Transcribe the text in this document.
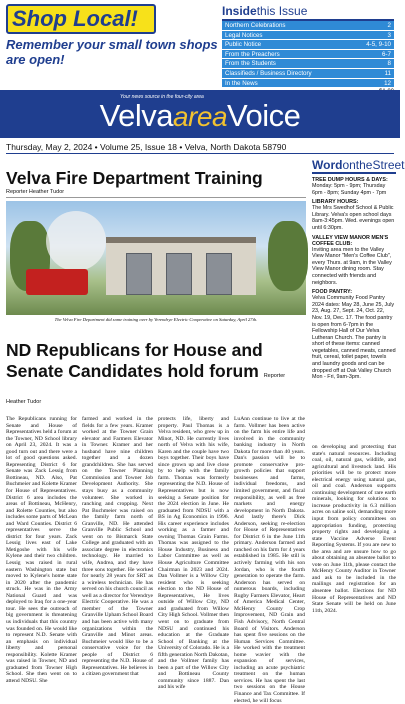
Shop Local!
Remember your small town shops are open!
Insidethis Issue
Northern Celebrations	2
Legal Notices	3
Public Notice	4-5, 9-10
From the Preachers	6-7
From the Students	8
Classifieds / Business Directory	11
In the News	12
Your news source in the four-city area
VelvaareaVoice
Thursday, May 2, 2024 • Volume 25, Issue 18 • Velva, North Dakota 58790
Velva Fire Department Training
Reporter Heather Tudor
The Velva Fire Department did some training over by Verendrye Electric Cooperative on Saturday, April 27th.
WordontheStreet
TREE DUMP HOURS & DAYS:
Monday: 5pm - 9pm; Thursday 6pm - 8pm; Sunday 4pm - 7pm
LIBRARY HOURS:
The Mrs Swedhof School & Public Library. Velva's open school days 8am-3:45pm. Wed. evenings open until 6:30pm.
VALLEY VIEW MANOR MEN'S COFFEE CLUB:
Inviting area men to the Valley View Manor "Men's Coffee Club", every Thurs. at 9am, in the Valley View Manor dining room. Stay connected with friends and neighbors.
FOOD PANTRY:
Velva Community Food Pantry 2024 dates: May 28, June 25, July 23, Aug. 27, Sept. 24, Oct. 22, Nov. 19, Dec. 17. The food pantry is open from 6-7pm in the Fellowship Hall of Our Velva Lutheran Church. The pantry is short of these items: canned vegetables, canned meats, canned fruit, cereal, toilet paper, towels and laundry goods and can be dropped off at Oak Valley Church Mon - Fri, 9am-3pm.
ND Republicans for House and Senate Candidates hold forum Reporter Heather Tudor
The Republicans running for Senate and House of Representatives held a forum at the Towner, ND School library on April 23, 2024. It was a good turn out and there were a lot of good questions asked. Representing District 6 for Senate was Zack Lessig from Bottineau, ND. Also, Pat Buchmeier and Kolette Kramer for House of Representatives. District 6 area includes the areas of Bottineau, McHenry, and Rolette Counties, but also includes some parts of McLean and Ward Counties. District 6 representatives serve the district for four years. Zack Lessig lives east of Lake Metigoshe with his wife Kylene and their two children. Lessig was raised in rural eastern Washington state but moved to Kylene's home state in 2020 after the pandemic struck. He was in the Army National Guard and was deployed to Iraq for a one-year tour. He sees the outreach of big government is threatening us individuals that this country was founded on. He would like to represent N.D. Senate with an emphasis on individual liberty and personal responsibility. Kolette Kramer was raised in Towner, ND and graduated from Towner High School. She then went on to attend NDSU. She
farmed and worked in the fields for a few years. Kramer worked at the Towner Grain elevator and Farmers Elevator in Towner. Kramer and her husband have nine children together and a dozen grandchildren. She has served on the Towner Planning Commission and Towner Job Development Authority. She stays busy as a community volunteer. She worked in ranching and cropping. Next Pat Buchmeier was raised on the family farm north of Granville, ND. He attended Granville Public School and went on to Bismarck State College and graduated with an associate degree in electronics technology. He married to wife, Andrea, and they have three sons together. He worked for nearly 28 years for SRT as a wireless technician. He has served on his church council as well as a director for Verendrye Electric Cooperative. He was a member of the Towner Granville Upham School Board and has been active with many organizations within the Granville and Minot areas. Buchmeier would like to be a conservative voice for the people of District 6 representing the N.D. House of Representatives. He believes in a citizen government that
protects life, liberty and property. Paul Thomas is a Velva resident, who grew up in Minot, ND. He currently lives north of Velva with his wife, Karen and the couple have two boys together. Their boys have since grown up and live close by to help with the family farm. Thomas was formerly representing the N.D. House of Representatives but is now seeking a Senate position for the 2024 election in June. He graduated from NDSU with a BS in Ag Economics in 1996. His career experience includes working as a farmer and owning Thomas Grain Farms. Thomas was assigned to the House Industry, Business and Labor Committee as well as House Agriculture Committee Chairman in 2023 and 2024. Dan Vollmer is a Willow City resident who is seeking election to the ND House of Representatives, He lives outside of Willow City, ND and graduated from Willow City High School. Vollmer then went on to graduate from NDSU and continued his education at the Graduate School of Banking at the University of Colorado. He is a fifth generation North Dakotan, and the Vollmer family has been a part of the Willow City and Bottineau County community since 1887. Dan and his wife
LuAnn continue to live at the farm. Vollmer has been active on the farm his entire life and involved in the community banking industry in North Dakota for more than 40 years. Dan's passion will be to promote conservative pro-growth policies that support businesses and farms, individual freedoms, and limited government, and fiscal responsibility, as well as free markets and energy development in North Dakota. And lastly there's Dick Anderson, seeking re-election for House of Representatives for District 6 in the June 11th primary. Anderson farmed and ranched on his farm for 4 years established in 1985. He still is actively farming with his son Jordan, who is the fourth generation to operate the farm. Anderson has served on numerous boards, including Rugby Farmers Elevator, Heart of America Medical Center, McHenry County Crop Improvement, ND Grain and Fish Advisory, North Central Board of Visitors. Anderson has spent five sessions on the Human Services Committee. He worked with the treatment home wavier with the expansion of services, including an acute psychiatric treatment on the human services. He has spent the last two sessions on the House Finance and Tax Committee. If elected, he will focus
on developing and protecting that state's natural resources. Including coal, oil, natural gas, wildlife, and agricultural and livestock land. His priorities will be to protect more electrical energy using natural gas, oil and coal. Anderson supports continuing development of rare earth minerals, looking for solutions to increase productivity in 6.3 million acres on saline soil, demanding more input from policy committees on appropriation funding, protecting property rights and developing a state Vaccine Adverse Event Reporting Systems. If you are new to the area and are unsure how to go about obtaining an absentee ballot to vote on June 11th, please contact the McHenry County Auditor in Towner and ask to be included in the mailings and registration for an absentee ballot. Elections for ND House of Representatives and ND State Senate will be held on June 11th, 2024.
